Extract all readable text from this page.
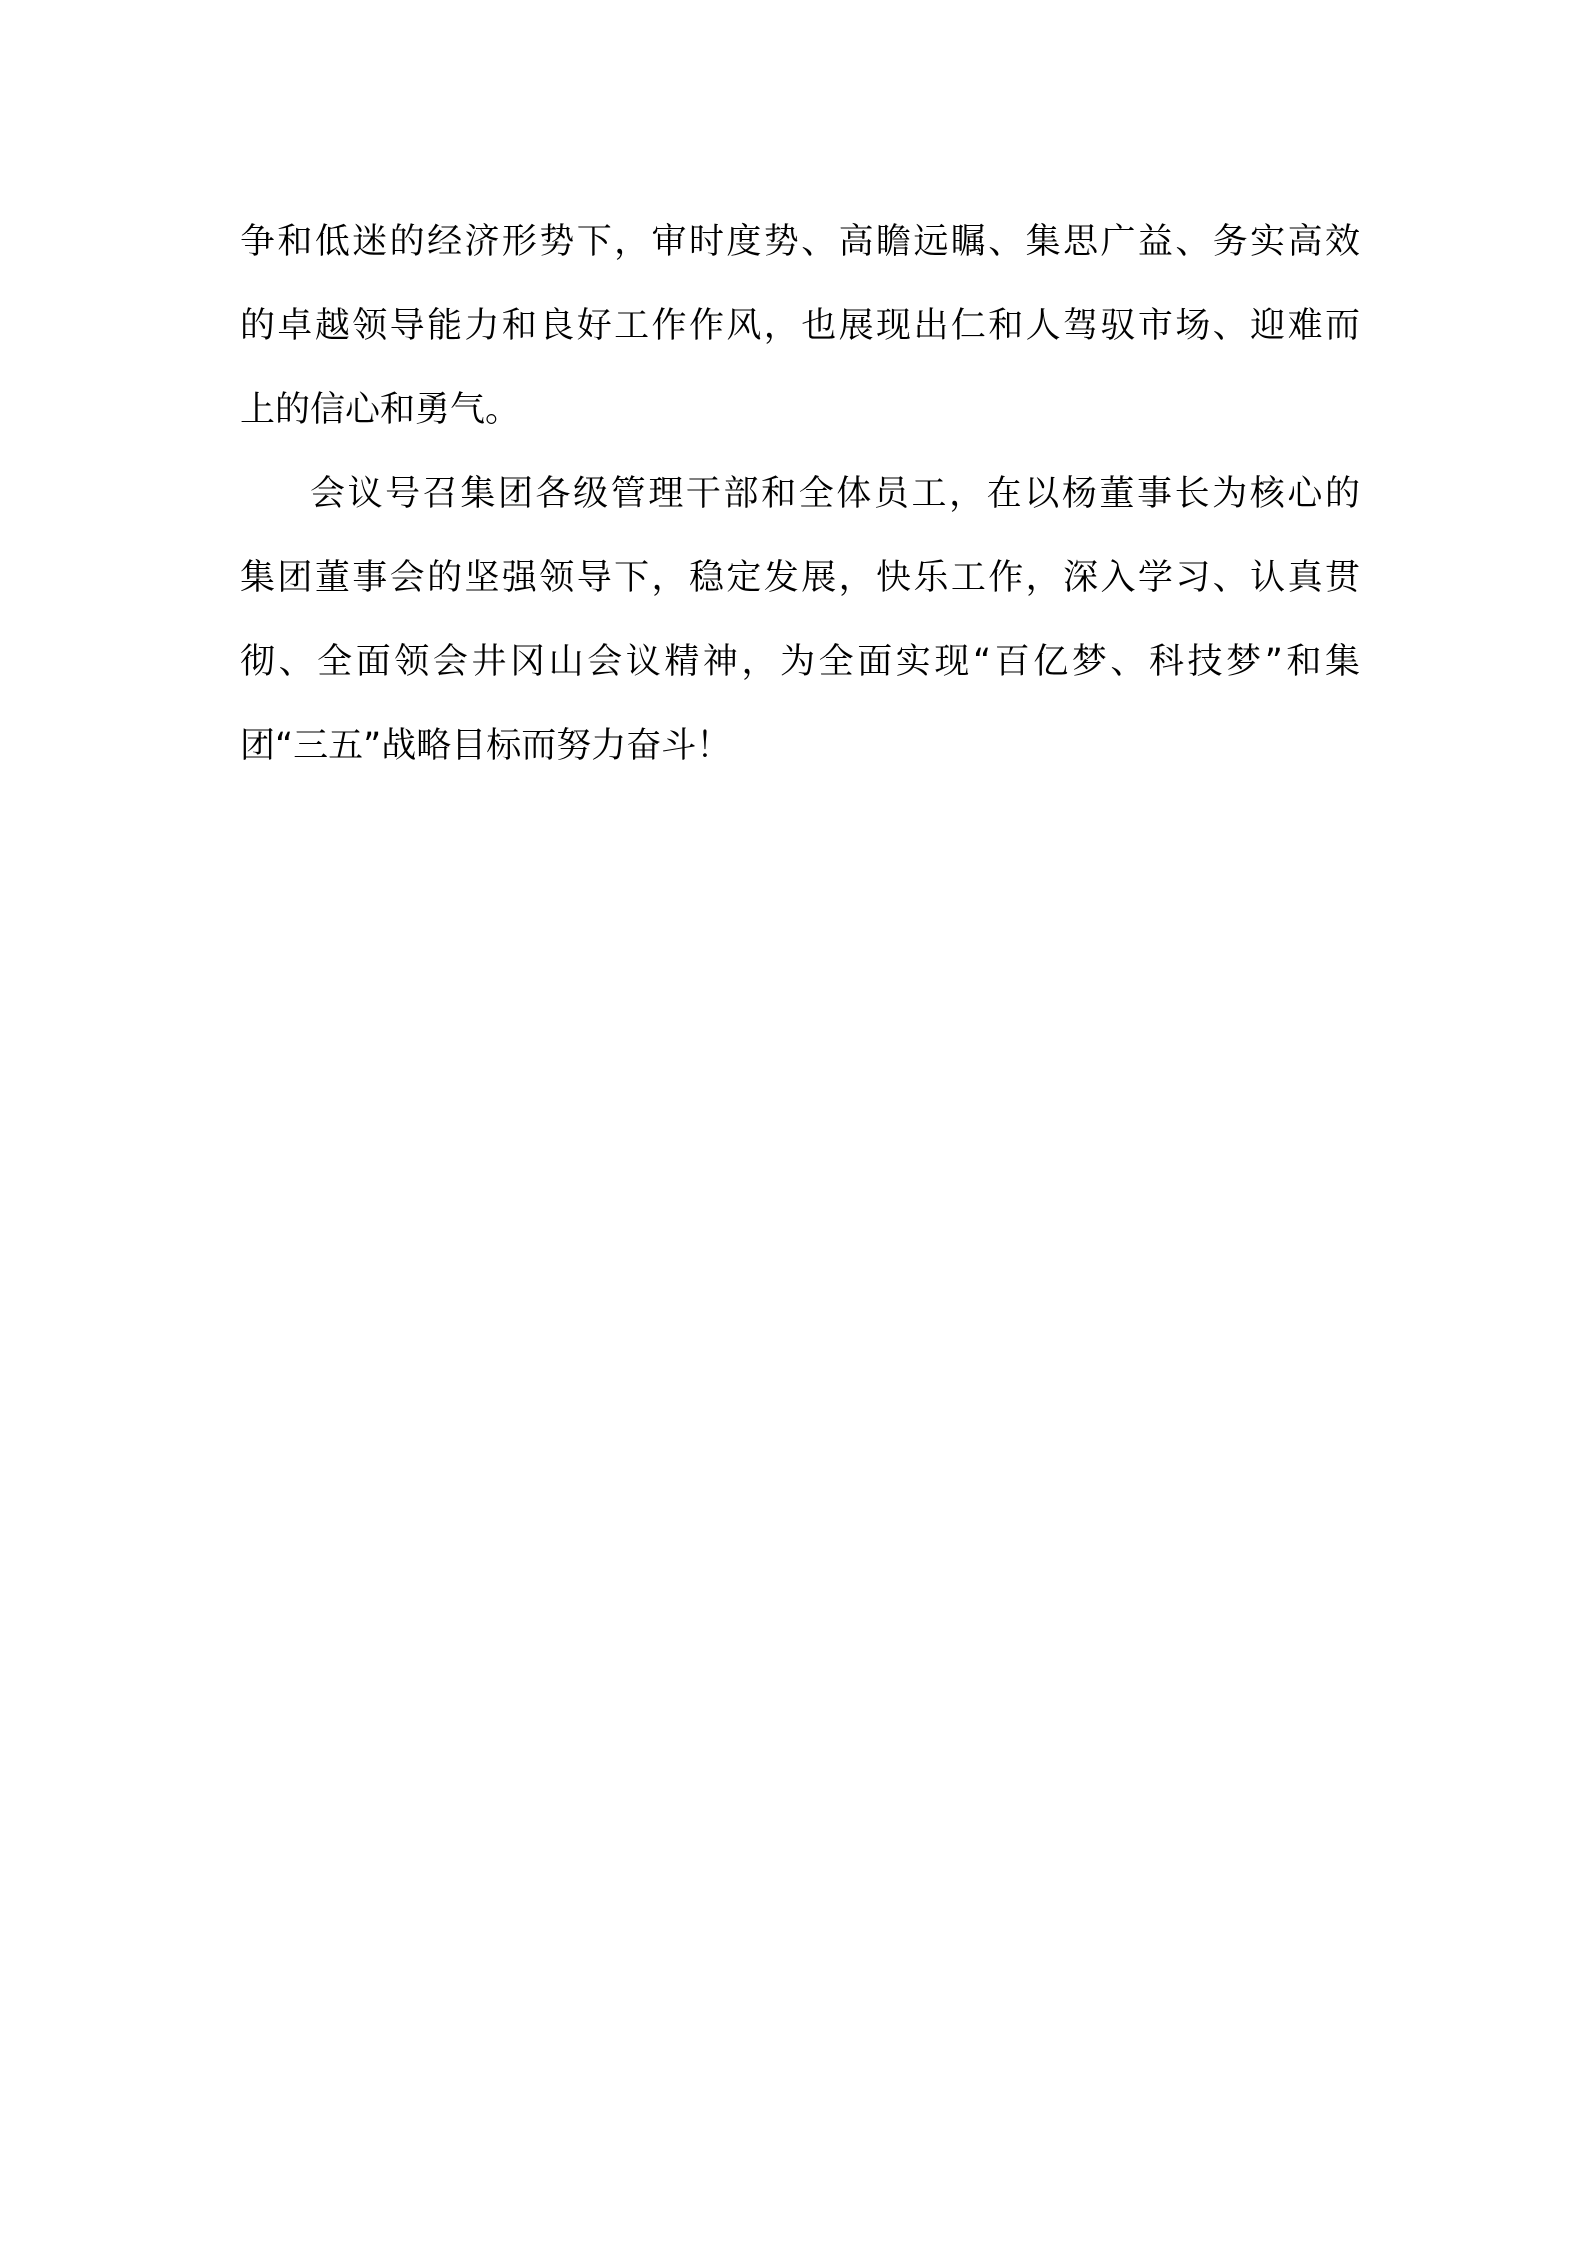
争和低迷的经济形势下，审时度势、高瞻远瞩、集思广益、务实高效
的卓越领导能力和良好工作作风，也展现出仁和人驾驭市场、迎难而
上的信心和勇气。
会议号召集团各级管理干部和全体员工，在以杨董事长为核心的
集团董事会的坚强领导下，稳定发展，快乐工作，深入学习、认真贯
彻、全面领会井冈山会议精神，为全面实现“百亿梦、科技梦”和集
团“三五”战略目标而努力奋斗！
